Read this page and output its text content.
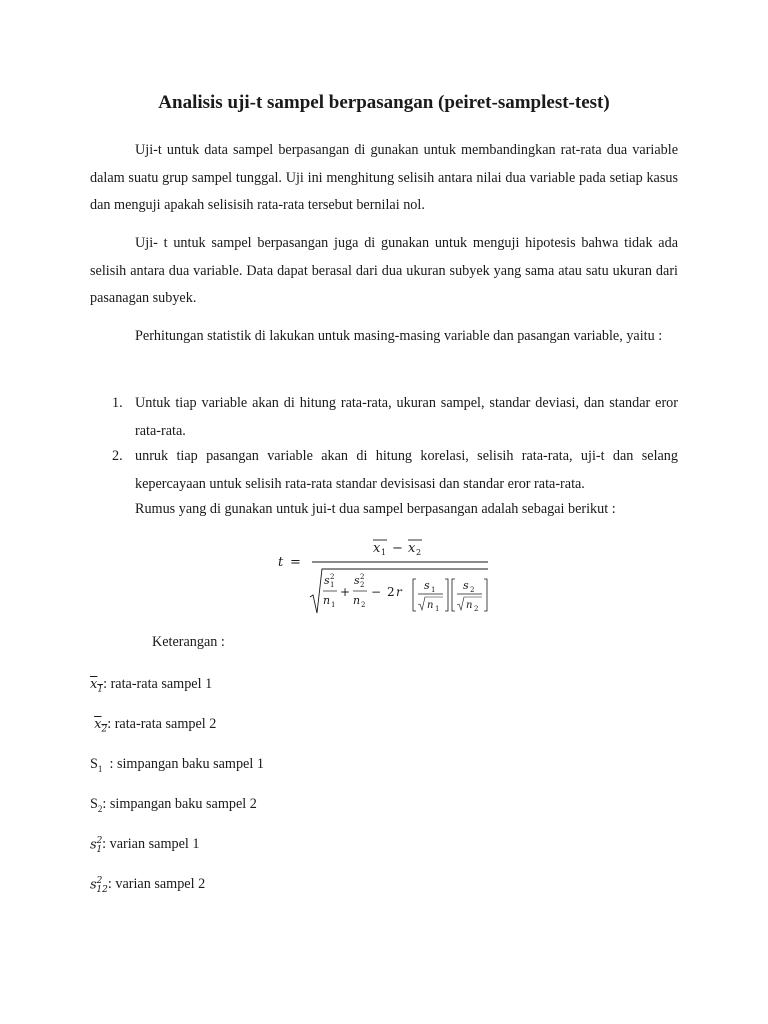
Analisis uji-t sampel berpasangan (peiret-samplest-test)

Uji-t untuk data sampel berpasangan di gunakan untuk membandingkan rat-rata dua variable dalam suatu grup sampel tunggal. Uji ini menghitung selisih antara nilai dua variable pada setiap kasus dan menguji apakah selisisih rata-rata tersebut bernilai nol.

Uji- t untuk sampel berpasangan juga di gunakan untuk menguji hipotesis bahwa tidak ada selisih antara dua variable. Data dapat berasal dari dua ukuran subyek yang sama atau satu ukuran dari pasanagan subyek.

Perhitungan statistik di lakukan untuk masing-masing variable dan pasangan variable, yaitu :

1. Untuk tiap variable akan di hitung rata-rata, ukuran sampel, standar deviasi, dan standar eror rata-rata.
2. unruk tiap pasangan variable akan di hitung korelasi, selisih rata-rata, uji-t dan selang kepercayaan untuk selisih rata-rata standar devisisasi dan standar eror rata-rata.
Rumus yang di gunakan untuk jui-t dua sampel berpasangan adalah sebagai berikut :
t =
x 1 − x 2
s 2
1
n 1
+
s 2
2
n 2
− 2 r s 1
n 1
s 2
n 2
Keterangan :
$x_1$ : rata-rata sampel 1
$x_2$ : rata-rata sampel 2
$S_1$ : simpangan baku sampel 1
$S_2$ : simpangan baku sampel 2
$s^2_1$ : varian sampel 1
$s^2_{12}$ : varian sampel 2
